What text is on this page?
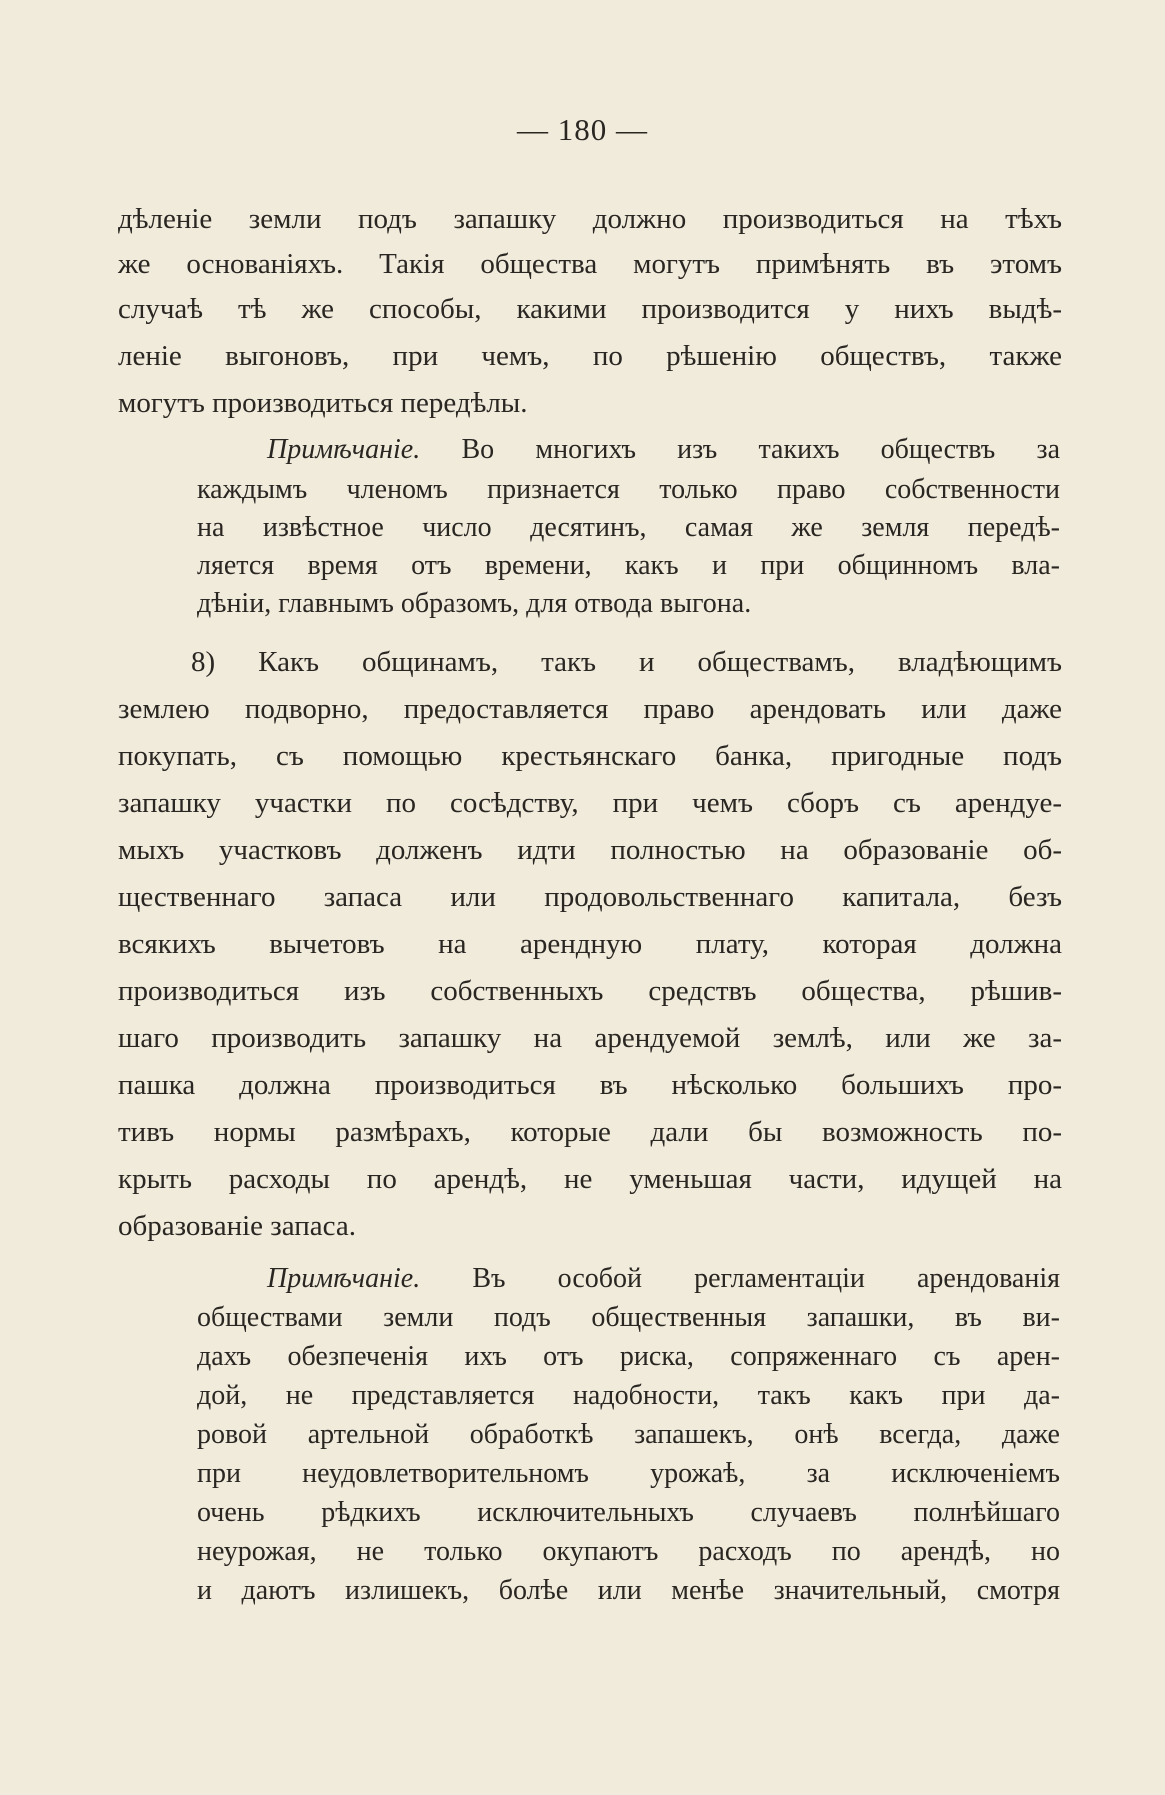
— 180 —

дѣленіе земли подъ запашку должно производиться на тѣхъ

же основаніяхъ. Такія общества могутъ примѣнять въ этомъ

случаѣ тѣ же способы, какими производится у нихъ выдѣ-

леніе выгоновъ, при чемъ, по рѣшенію обществъ, также

могутъ производиться передѣлы.

Примѣчаніе. Во многихъ изъ такихъ обществъ за

каждымъ членомъ признается только право собственности

на извѣстное число десятинъ, самая же земля передѣ-

ляется время отъ времени, какъ и при общинномъ вла-

дѣніи, главнымъ образомъ, для отвода выгона.

8) Какъ общинамъ, такъ и обществамъ, владѣющимъ

землею подворно, предоставляется право арендовать или даже

покупать, съ помощью крестьянскаго банка, пригодные подъ

запашку участки по сосѣдству, при чемъ сборъ съ арендуе-

мыхъ участковъ долженъ идти полностью на образованіе об-

щественнаго запаса или продовольственнаго капитала, безъ

всякихъ вычетовъ на арендную плату, которая должна

производиться изъ собственныхъ средствъ общества, рѣшив-

шаго производить запашку на арендуемой землѣ, или же за-

пашка должна производиться въ нѣсколько большихъ про-

тивъ нормы размѣрахъ, которые дали бы возможность по-

крыть расходы по арендѣ, не уменьшая части, идущей на

образованіе запаса.

Примѣчаніе. Въ особой регламентаціи арендованія

обществами земли подъ общественныя запашки, въ ви-

дахъ обезпеченія ихъ отъ риска, сопряженнаго съ арен-

дой, не представляется надобности, такъ какъ при да-

ровой артельной обработкѣ запашекъ, онѣ всегда, даже

при неудовлетворительномъ урожаѣ, за исключеніемъ

очень рѣдкихъ исключительныхъ случаевъ полнѣйшаго

неурожая, не только окупаютъ расходъ по арендѣ, но

и даютъ излишекъ, болѣе или менѣе значительный, смотря
